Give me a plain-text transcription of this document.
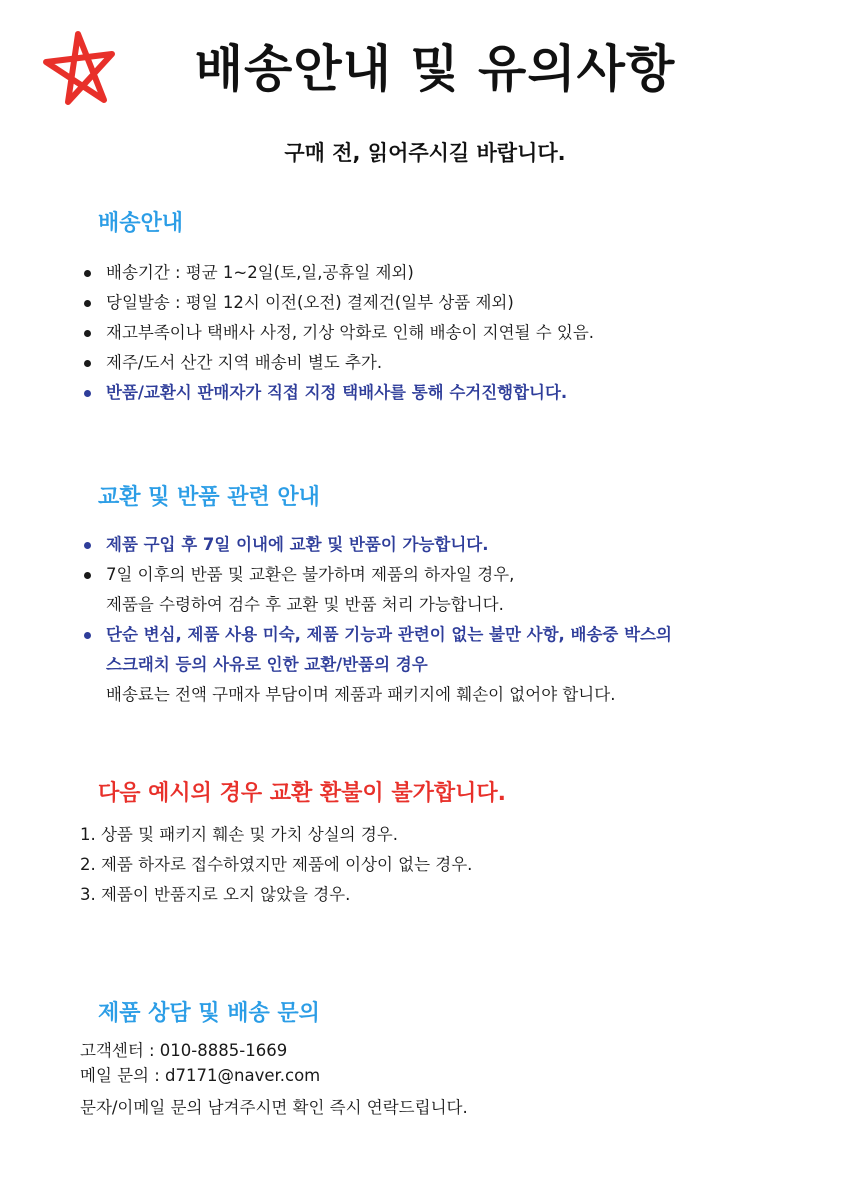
배송안내 및 유의사항

구매 전, 읽어주시길 바랍니다.

배송안내
배송기간 : 평균 1~2일(토,일,공휴일 제외)
당일발송 : 평일 12시 이전(오전) 결제건(일부 상품 제외)
재고부족이나 택배사 사정, 기상 악화로 인해 배송이 지연될 수 있음.
제주/도서 산간 지역 배송비 별도 추가.
반품/교환시 판매자가 직접 지정 택배사를 통해 수거진행합니다.
교환 및 반품 관련 안내
제품 구입 후 7일 이내에 교환 및 반품이 가능합니다.
7일 이후의 반품 및 교환은 불가하며 제품의 하자일 경우,
제품을 수령하여 검수 후 교환 및 반품 처리 가능합니다.
단순 변심, 제품 사용 미숙, 제품 기능과 관련이 없는 불만 사항, 배송중 박스의
스크래치 등의 사유로 인한 교환/반품의 경우
배송료는 전액 구매자 부담이며 제품과 패키지에 훼손이 없어야 합니다.
다음 예시의 경우 교환 환불이 불가합니다.
1. 상품 및 패키지 훼손 및 가치 상실의 경우.
2. 제품 하자로 접수하였지만 제품에 이상이 없는 경우.
3. 제품이 반품지로 오지 않았을 경우.
제품 상담 및 배송 문의
고객센터 : 010-8885-1669
메일 문의 : d7171@naver.com
문자/이메일 문의 남겨주시면 확인 즉시 연락드립니다.
